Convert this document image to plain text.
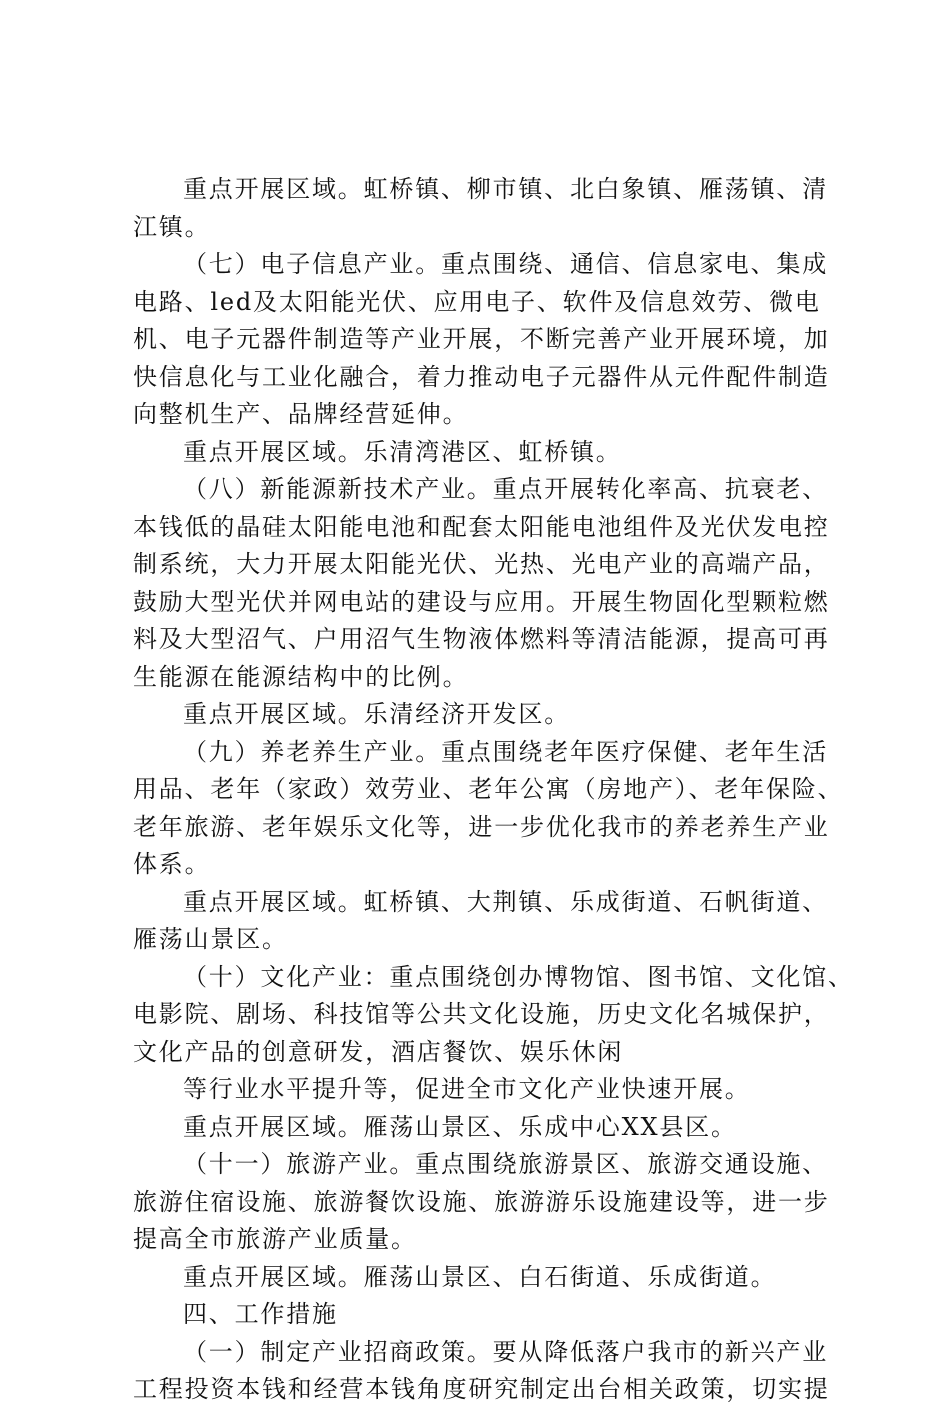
重点开展区域。虹桥镇、柳市镇、北白象镇、雁荡镇、清
江镇。
（七）电子信息产业。重点围绕、通信、信息家电、集成
电路、led及太阳能光伏、应用电子、软件及信息效劳、微电
机、电子元器件制造等产业开展，不断完善产业开展环境，加
快信息化与工业化融合，着力推动电子元器件从元件配件制造
向整机生产、品牌经营延伸。
重点开展区域。乐清湾港区、虹桥镇。
（八）新能源新技术产业。重点开展转化率高、抗衰老、
本钱低的晶硅太阳能电池和配套太阳能电池组件及光伏发电控
制系统，大力开展太阳能光伏、光热、光电产业的高端产品，
鼓励大型光伏并网电站的建设与应用。开展生物固化型颗粒燃
料及大型沼气、户用沼气生物液体燃料等清洁能源，提高可再
生能源在能源结构中的比例。
重点开展区域。乐清经济开发区。
（九）养老养生产业。重点围绕老年医疗保健、老年生活
用品、老年（家政）效劳业、老年公寓（房地产）、老年保险、
老年旅游、老年娱乐文化等，进一步优化我市的养老养生产业
体系。
重点开展区域。虹桥镇、大荆镇、乐成街道、石帆街道、
雁荡山景区。
（十）文化产业：重点围绕创办博物馆、图书馆、文化馆、
电影院、剧场、科技馆等公共文化设施，历史文化名城保护，
文化产品的创意研发，酒店餐饮、娱乐休闲
等行业水平提升等，促进全市文化产业快速开展。
重点开展区域。雁荡山景区、乐成中心XX县区。
（十一）旅游产业。重点围绕旅游景区、旅游交通设施、
旅游住宿设施、旅游餐饮设施、旅游游乐设施建设等，进一步
提高全市旅游产业质量。
重点开展区域。雁荡山景区、白石街道、乐成街道。
四、工作措施
（一）制定产业招商政策。要从降低落户我市的新兴产业
工程投资本钱和经营本钱角度研究制定出台相关政策，切实提
